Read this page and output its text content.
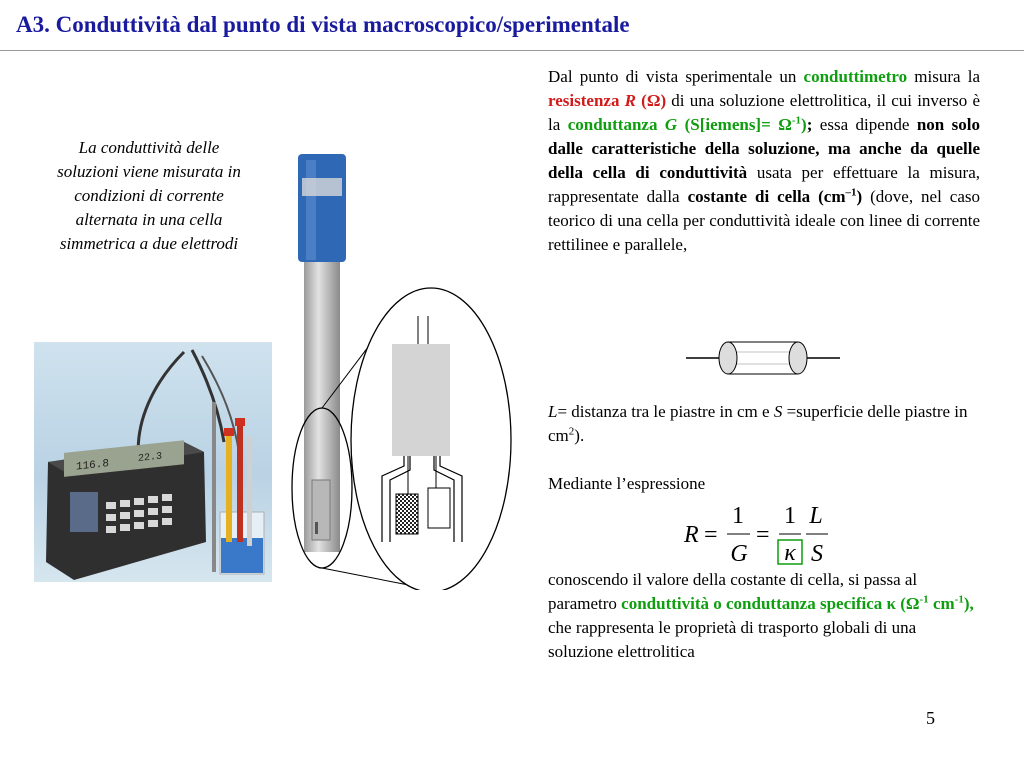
A3. Conduttività dal punto di vista macroscopico/sperimentale
La conduttività delle soluzioni viene misurata in condizioni di corrente alternata in una cella simmetrica a due elettrodi
116.8	22.3
Dal punto di vista sperimentale un conduttimetro misura la resistenza R (Ω) di una soluzione elettrolitica, il cui inverso è la conduttanza G (S[iemens]= $\Omega^{-1}$); essa dipende non solo dalle caratteristiche della soluzione, ma anche da quelle della cella di conduttività usata per effettuare la misura, rappresentate dalla costante di cella $(cm^{-1})$ (dove, nel caso teorico di una cella per conduttività ideale con linee di corrente rettilinee e parallele,
L= distanza tra le piastre in cm e S =superficie delle piastre in $cm^2$).
Mediante l’espressione
R =
1
G
=
1
κ
L
S
conoscendo il valore della costante di cella, si passa al parametro conduttività o conduttanza specifica κ ($\Omega^{-1}$ $cm^{-1}$), che rappresenta le proprietà di trasporto globali di una soluzione elettrolitica
5
